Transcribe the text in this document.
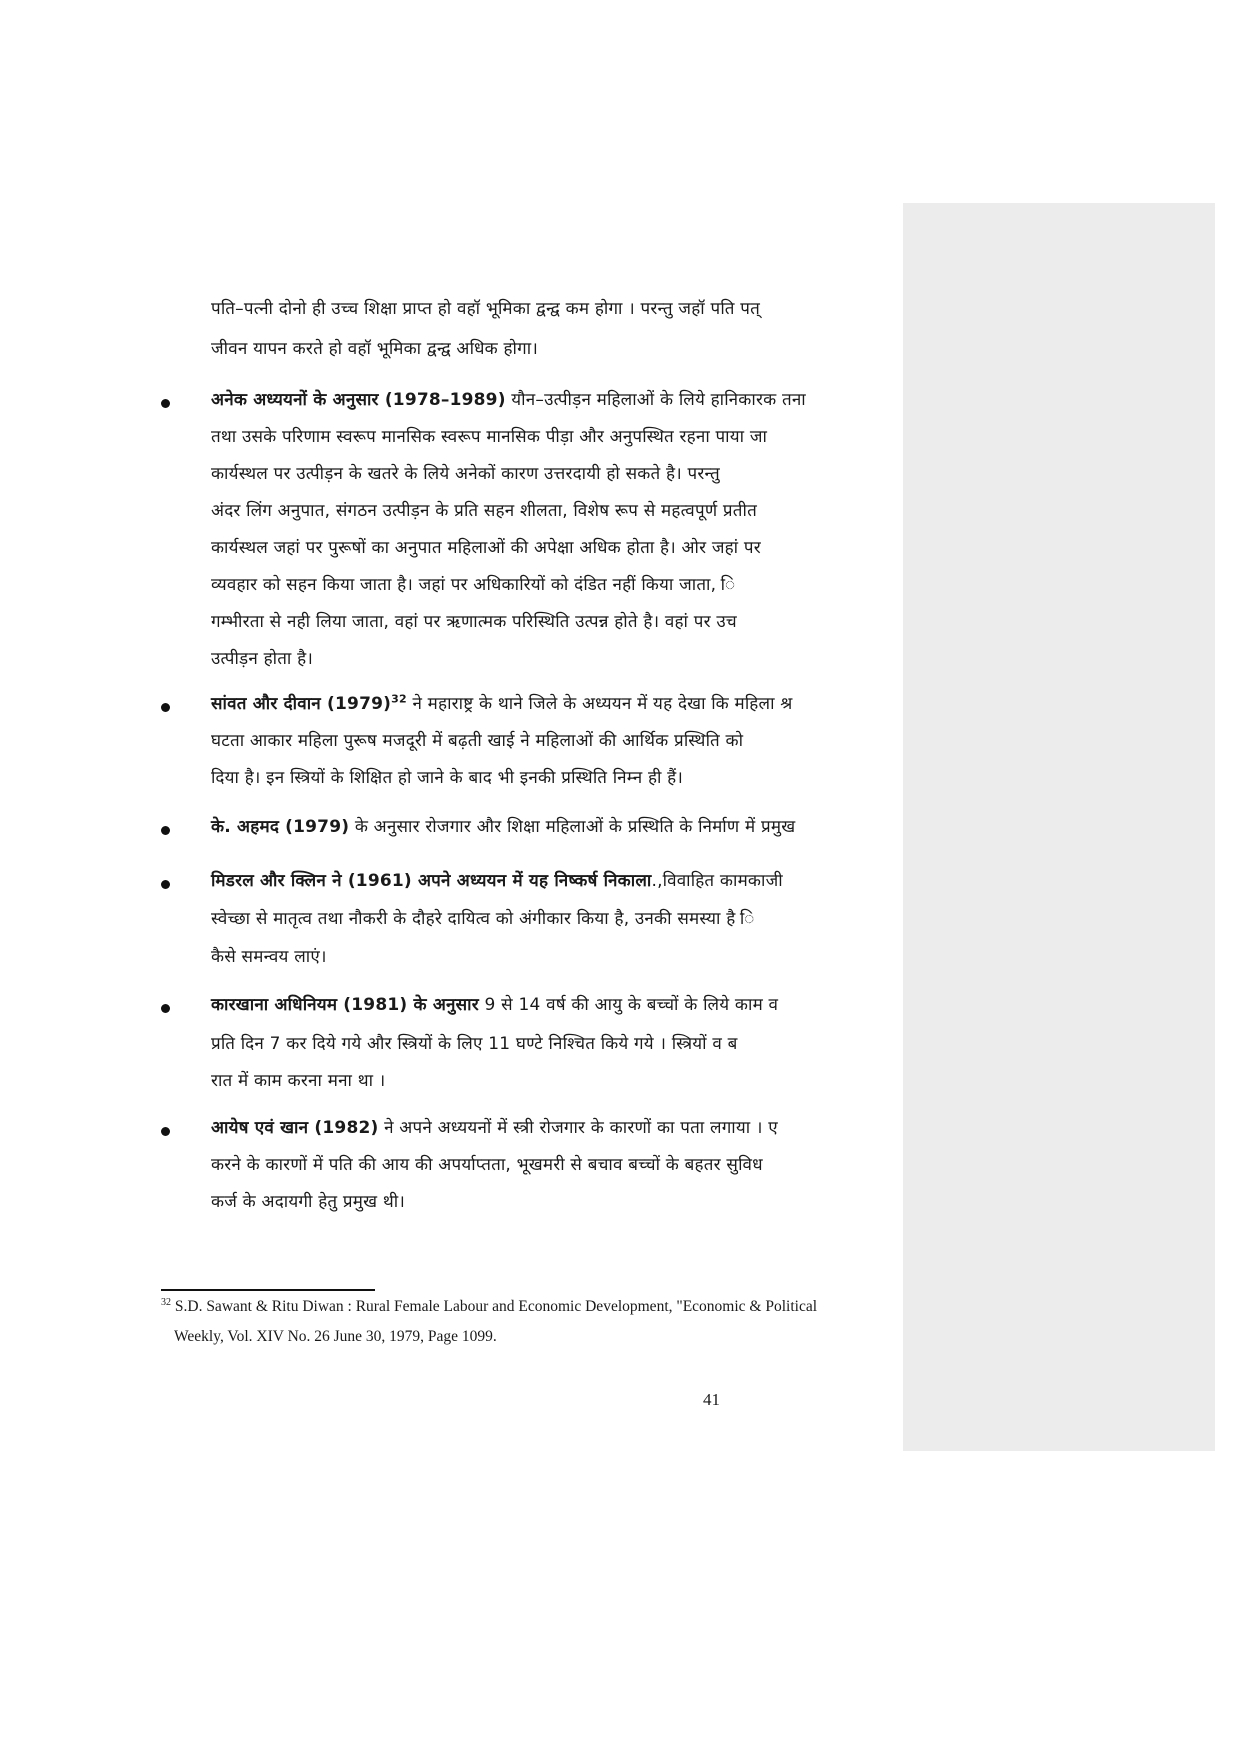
पति–पत्नी दोनो ही उच्च शिक्षा प्राप्त हो वहॉ भूमिका द्वन्द्व कम होगा । परन्तु जहॉ पति पत्
जीवन यापन करते हो वहॉ भूमिका द्वन्द्व अधिक होगा।
अनेक अध्ययनों के अनुसार (1978–1989) यौन–उत्पीड़न महिलाओं के लिये हानिकारक तना
तथा उसके परिणाम स्वरूप मानसिक स्वरूप मानसिक पीड़ा और अनुपस्थित रहना पाया जा
कार्यस्थल पर उत्पीड़न के खतरे के लिये अनेकों कारण उत्तरदायी हो सकते है। परन्तु
अंदर लिंग अनुपात, संगठन उत्पीड़न के प्रति सहन शीलता, विशेष रूप से महत्वपूर्ण प्रतीत
कार्यस्थल जहां पर पुरूषों का अनुपात महिलाओं की अपेक्षा अधिक होता है। ओर जहां पर
व्यवहार को सहन किया जाता है। जहां पर अधिकारियों को दंडित नहीं किया जाता, ि
गम्भीरता से नही लिया जाता, वहां पर ऋणात्मक परिस्थिति उत्पन्न होते है। वहां पर उच
उत्पीड़न होता है।
सांवत और दीवान $(1979)^{32}$ ने महाराष्ट्र के थाने जिले के अध्ययन में यह देखा कि महिला श्र
घटता आकार महिला पुरूष मजदूरी में बढ़ती खाई ने महिलाओं की आर्थिक प्रस्थिति को
दिया है। इन स्त्रियों के शिक्षित हो जाने के बाद भी इनकी प्रस्थिति निम्न ही हैं।
के. अहमद (1979) के अनुसार रोजगार और शिक्षा महिलाओं के प्रस्थिति के निर्माण में प्रमुख
मिडरल और क्लिन ने (1961) अपने अध्ययन में यह निष्कर्ष निकाला.,विवाहित कामकाजी
स्वेच्छा से मातृत्व तथा नौकरी के दौहरे दायित्व को अंगीकार किया है, उनकी समस्या है ि
कैसे समन्वय लाएं।
कारखाना अधिनियम (1981) के अनुसार 9 से 14 वर्ष की आयु के बच्चों के लिये काम व
प्रति दिन 7 कर दिये गये और स्त्रियों के लिए 11 घण्टे निश्चित किये गये । स्त्रियों व ब
रात में काम करना मना था ।
आयेष एवं खान (1982) ने अपने अध्ययनों में स्त्री रोजगार के कारणों का पता लगाया । ए
करने के कारणों में पति की आय की अपर्याप्तता, भूखमरी से बचाव बच्चों के बहतर सुविध
कर्ज के अदायगी हेतु प्रमुख थी।
$^{32}$ S.D. Sawant & Ritu Diwan : Rural Female Labour and Economic Development, "Economic & Political
Weekly, Vol. XIV No. 26 June 30, 1979, Page 1099.
41
